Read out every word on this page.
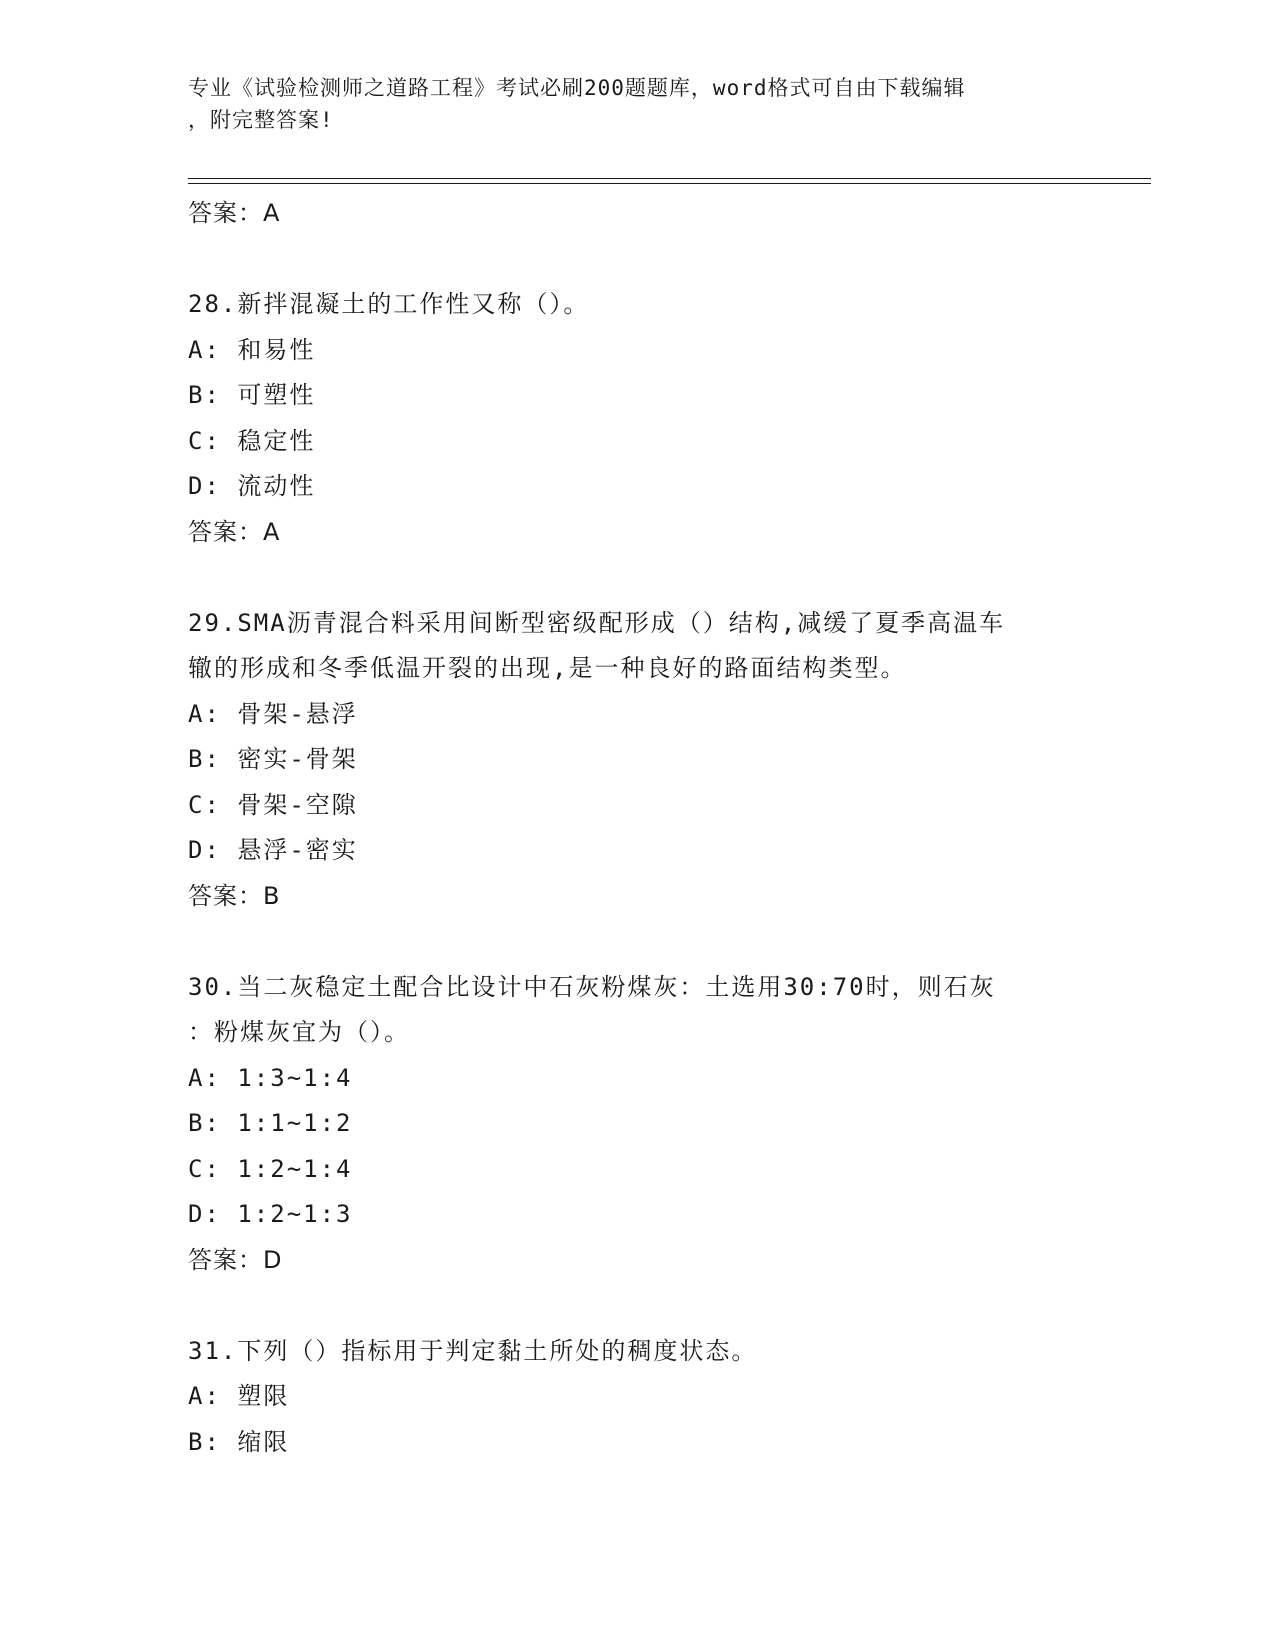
专业《试验检测师之道路工程》考试必刷200题题库，word格式可自由下载编辑
，附完整答案!
答案：A
28.新拌混凝土的工作性又称（）。
A: 和易性
B: 可塑性
C: 稳定性
D: 流动性
答案：A
29.SMA沥青混合料采用间断型密级配形成（）结构,减缓了夏季高温车
辙的形成和冬季低温开裂的出现,是一种良好的路面结构类型。
A: 骨架-悬浮
B: 密实-骨架
C: 骨架-空隙
D: 悬浮-密实
答案：B
30.当二灰稳定土配合比设计中石灰粉煤灰：土选用30:70时，则石灰
：粉煤灰宜为（）。
A: 1:3~1:4
B: 1:1~1:2
C: 1:2~1:4
D: 1:2~1:3
答案：D
31.下列（）指标用于判定黏土所处的稠度状态。
A: 塑限
B: 缩限
